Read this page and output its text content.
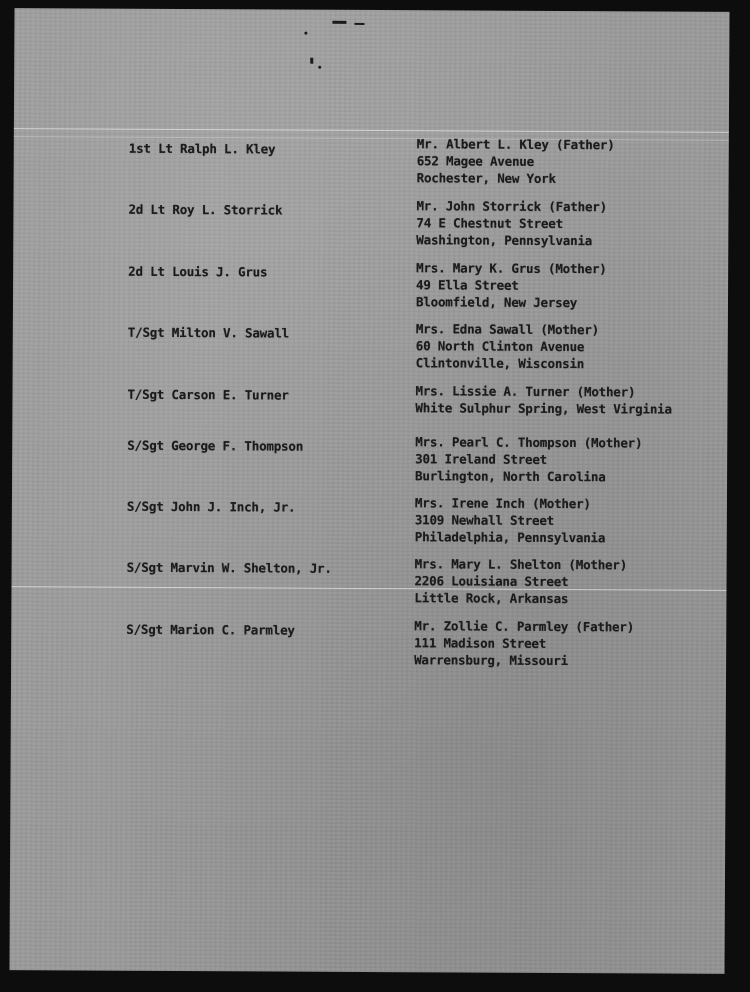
1st Lt Ralph L. Kley	Mr. Albert L. Kley (Father)
652 Magee Avenue
Rochester, New York
2d Lt Roy L. Storrick	Mr. John Storrick (Father)
74 E Chestnut Street
Washington, Pennsylvania
2d Lt Louis J. Grus	Mrs. Mary K. Grus (Mother)
49 Ella Street
Bloomfield, New Jersey
T/Sgt Milton V. Sawall	Mrs. Edna Sawall (Mother)
60 North Clinton Avenue
Clintonville, Wisconsin
T/Sgt Carson E. Turner	Mrs. Lissie A. Turner (Mother)
White Sulphur Spring, West Virginia
S/Sgt George F. Thompson	Mrs. Pearl C. Thompson (Mother)
301 Ireland Street
Burlington, North Carolina
S/Sgt John J. Inch, Jr.	Mrs. Irene Inch (Mother)
3109 Newhall Street
Philadelphia, Pennsylvania
S/Sgt Marvin W. Shelton, Jr.	Mrs. Mary L. Shelton (Mother)
2206 Louisiana Street
Little Rock, Arkansas
S/Sgt Marion C. Parmley	Mr. Zollie C. Parmley (Father)
111 Madison Street
Warrensburg, Missouri
